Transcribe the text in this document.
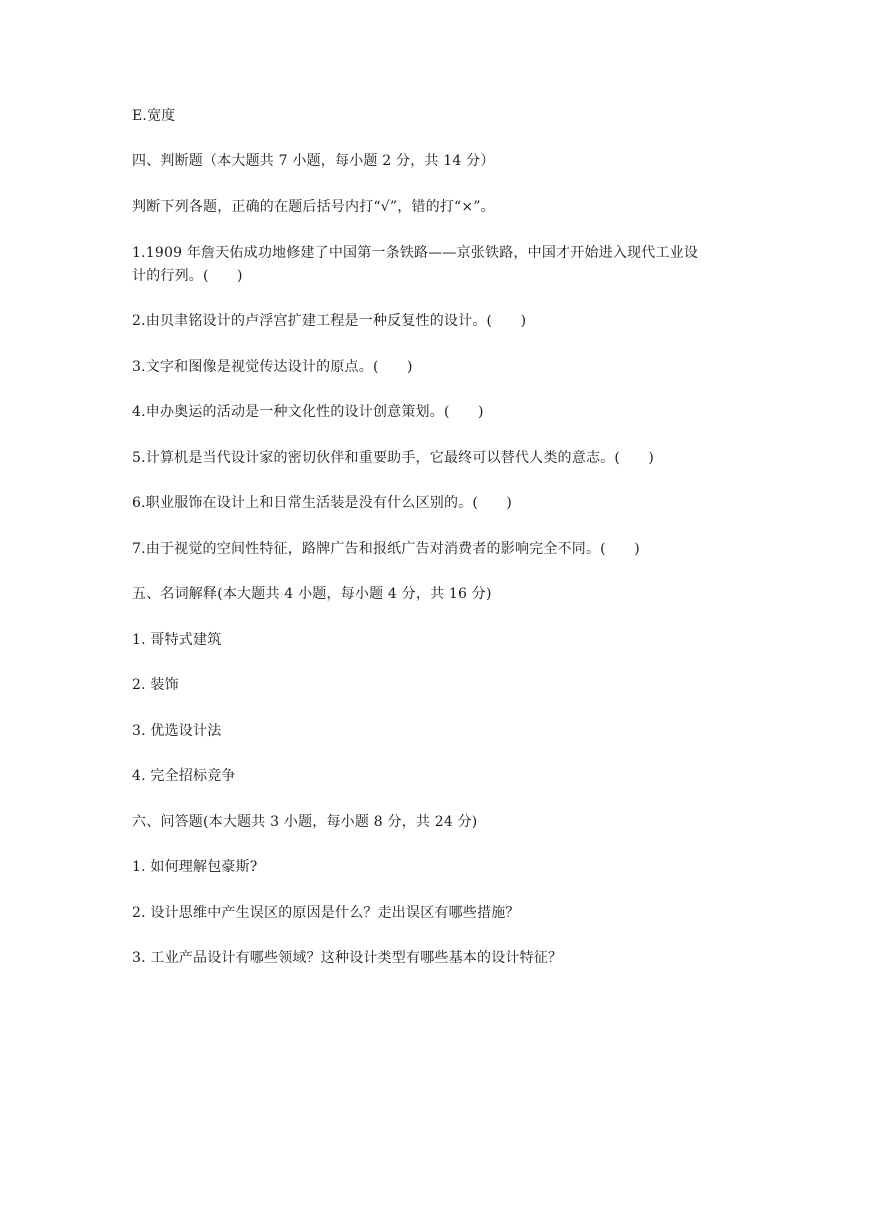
E.宽度
四、判断题（本大题共 7 小题，每小题 2 分，共 14 分）
判断下列各题，正确的在题后括号内打“√”，错的打“×”。
1.1909 年詹天佑成功地修建了中国第一条铁路——京张铁路，中国才开始进入现代工业设
计的行列。(　　)
2.由贝聿铭设计的卢浮宫扩建工程是一种反复性的设计。(　　)
3.文字和图像是视觉传达设计的原点。(　　)
4.申办奥运的活动是一种文化性的设计创意策划。(　　)
5.计算机是当代设计家的密切伙伴和重要助手，它最终可以替代人类的意志。(　　)
6.职业服饰在设计上和日常生活装是没有什么区别的。(　　)
7.由于视觉的空间性特征，路牌广告和报纸广告对消费者的影响完全不同。(　　)
五、名词解释(本大题共 4 小题，每小题 4 分，共 16 分)
1. 哥特式建筑
2. 装饰
3. 优选设计法
4. 完全招标竞争
六、问答题(本大题共 3 小题，每小题 8 分，共 24 分)
1. 如何理解包豪斯?
2. 设计思维中产生误区的原因是什么？走出误区有哪些措施？
3. 工业产品设计有哪些领域？这种设计类型有哪些基本的设计特征？
